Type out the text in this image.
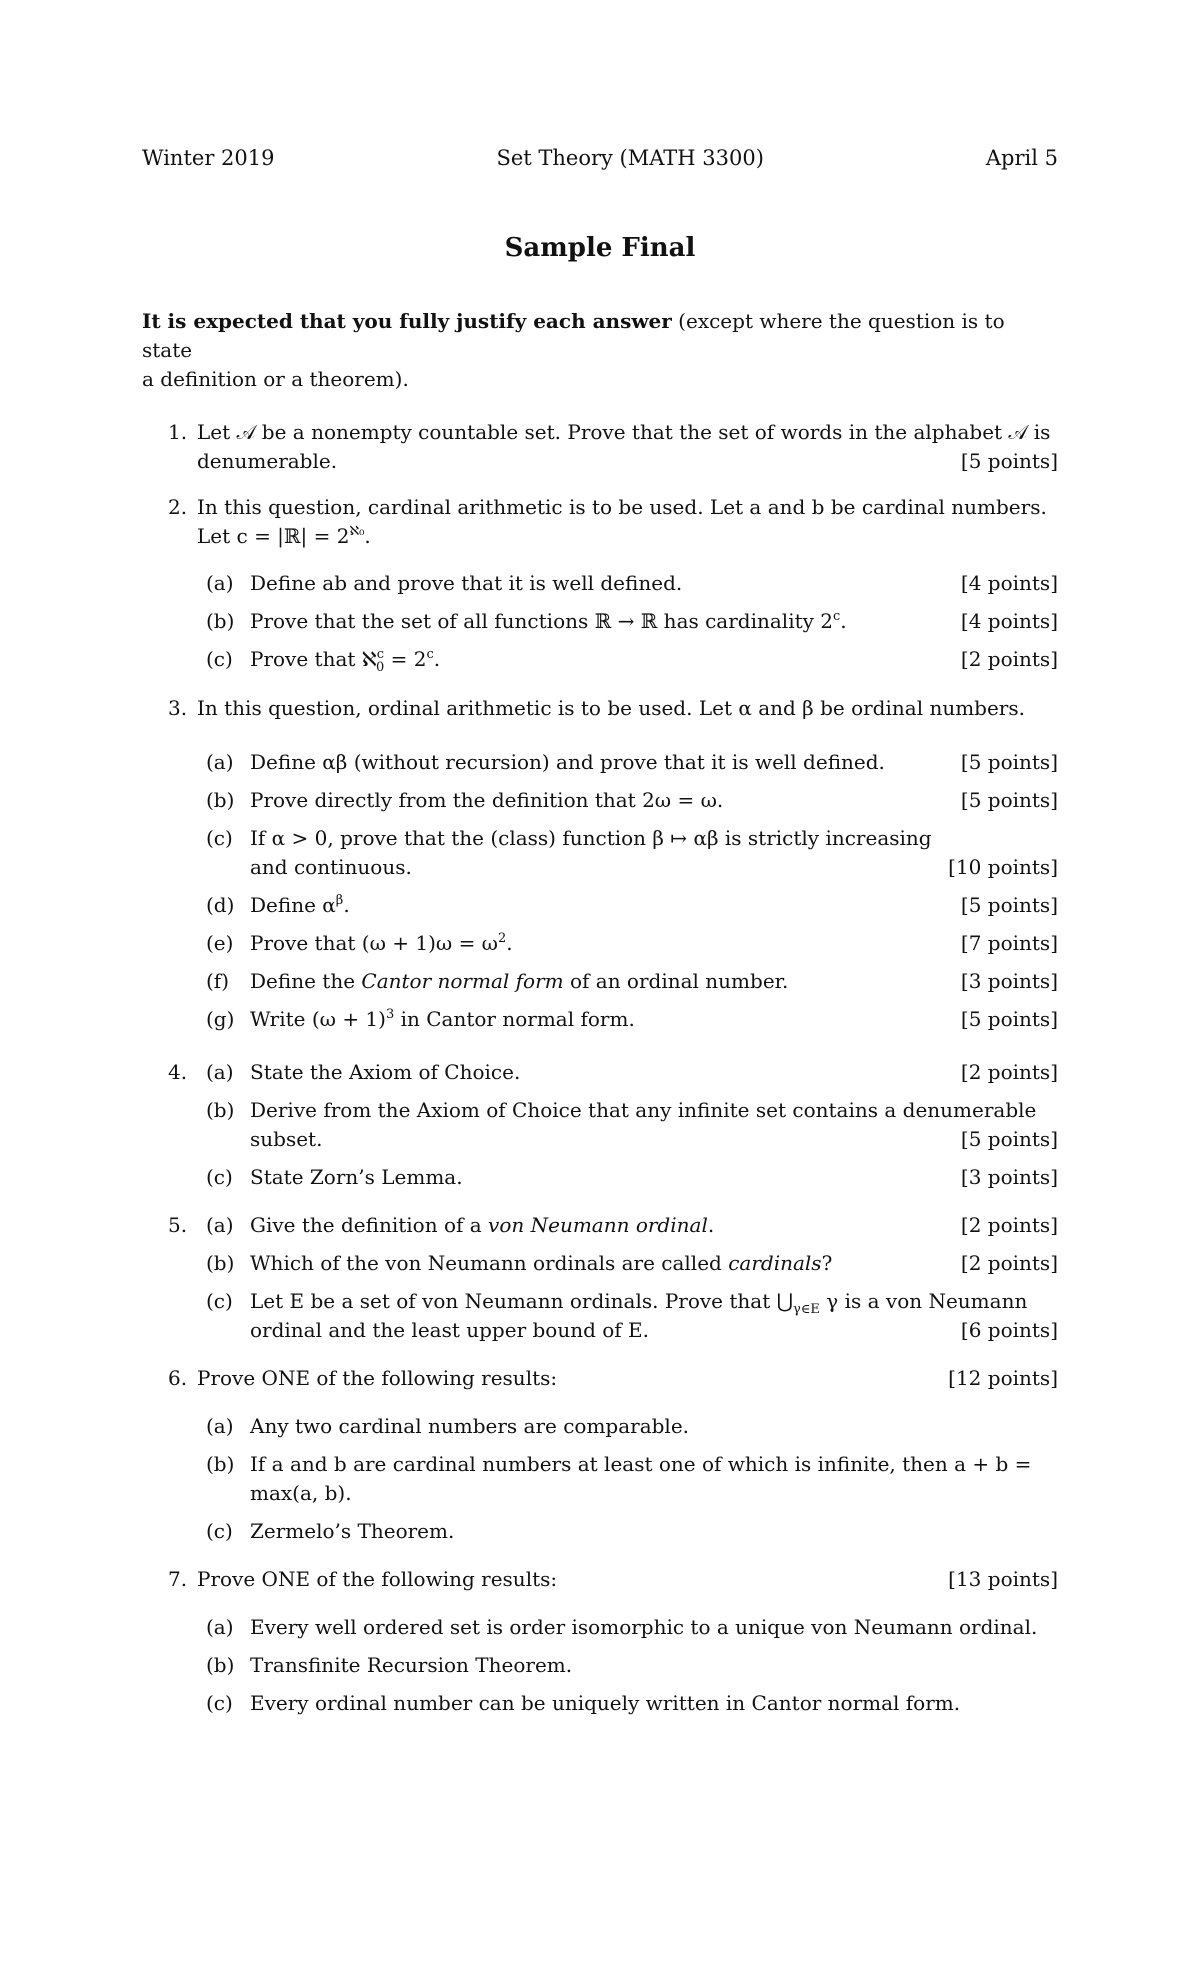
Winter 2019	Set Theory (MATH 3300)	April 5
Sample Final
It is expected that you fully justify each answer (except where the question is to state
a definition or a theorem).
1. Let 𝒜 be a nonempty countable set. Prove that the set of words in the alphabet 𝒜 is
denumerable.	[5 points]
2. In this question, cardinal arithmetic is to be used. Let a and b be cardinal numbers.
Let c = |ℝ| = $2^{ℵ_0}$.
(a) Define ab and prove that it is well defined.	[4 points]
(b) Prove that the set of all functions ℝ → ℝ has cardinality 2$^c$.	[4 points]
(c) Prove that ℵ$^c_0$ = $2^c$.	[2 points]
3. In this question, ordinal arithmetic is to be used. Let α and β be ordinal numbers.
(a) Define αβ (without recursion) and prove that it is well defined.	[5 points]
(b) Prove directly from the definition that 2ω = ω.	[5 points]
(c) If α > 0, prove that the (class) function β ↦ αβ is strictly increasing
and continuous.	[10 points]
(d) Define $\alpha^\beta$.	[5 points]
(e) Prove that $(\omega + 1)\omega = \omega^2$.	[7 points]
(f) Define the Cantor normal form of an ordinal number.	[3 points]
(g) Write $(\omega + 1)^3$ in Cantor normal form.	[5 points]
4. (a) State the Axiom of Choice.	[2 points]
(b) Derive from the Axiom of Choice that any infinite set contains a denumerable
subset.	[5 points]
(c) State Zorn’s Lemma.	[3 points]
5. (a) Give the definition of a von Neumann ordinal.	[2 points]
(b) Which of the von Neumann ordinals are called cardinals?	[2 points]
(c) Let E be a set of von Neumann ordinals. Prove that $⋃_{\gamma\in E}$ γ is a von Neumann
ordinal and the least upper bound of E.	[6 points]
6. Prove ONE of the following results:	[12 points]
(a) Any two cardinal numbers are comparable.
(b) If a and b are cardinal numbers at least one of which is infinite, then a + b =
max(a, b).
(c) Zermelo’s Theorem.
7. Prove ONE of the following results:	[13 points]
(a) Every well ordered set is order isomorphic to a unique von Neumann ordinal.
(b) Transfinite Recursion Theorem.
(c) Every ordinal number can be uniquely written in Cantor normal form.
